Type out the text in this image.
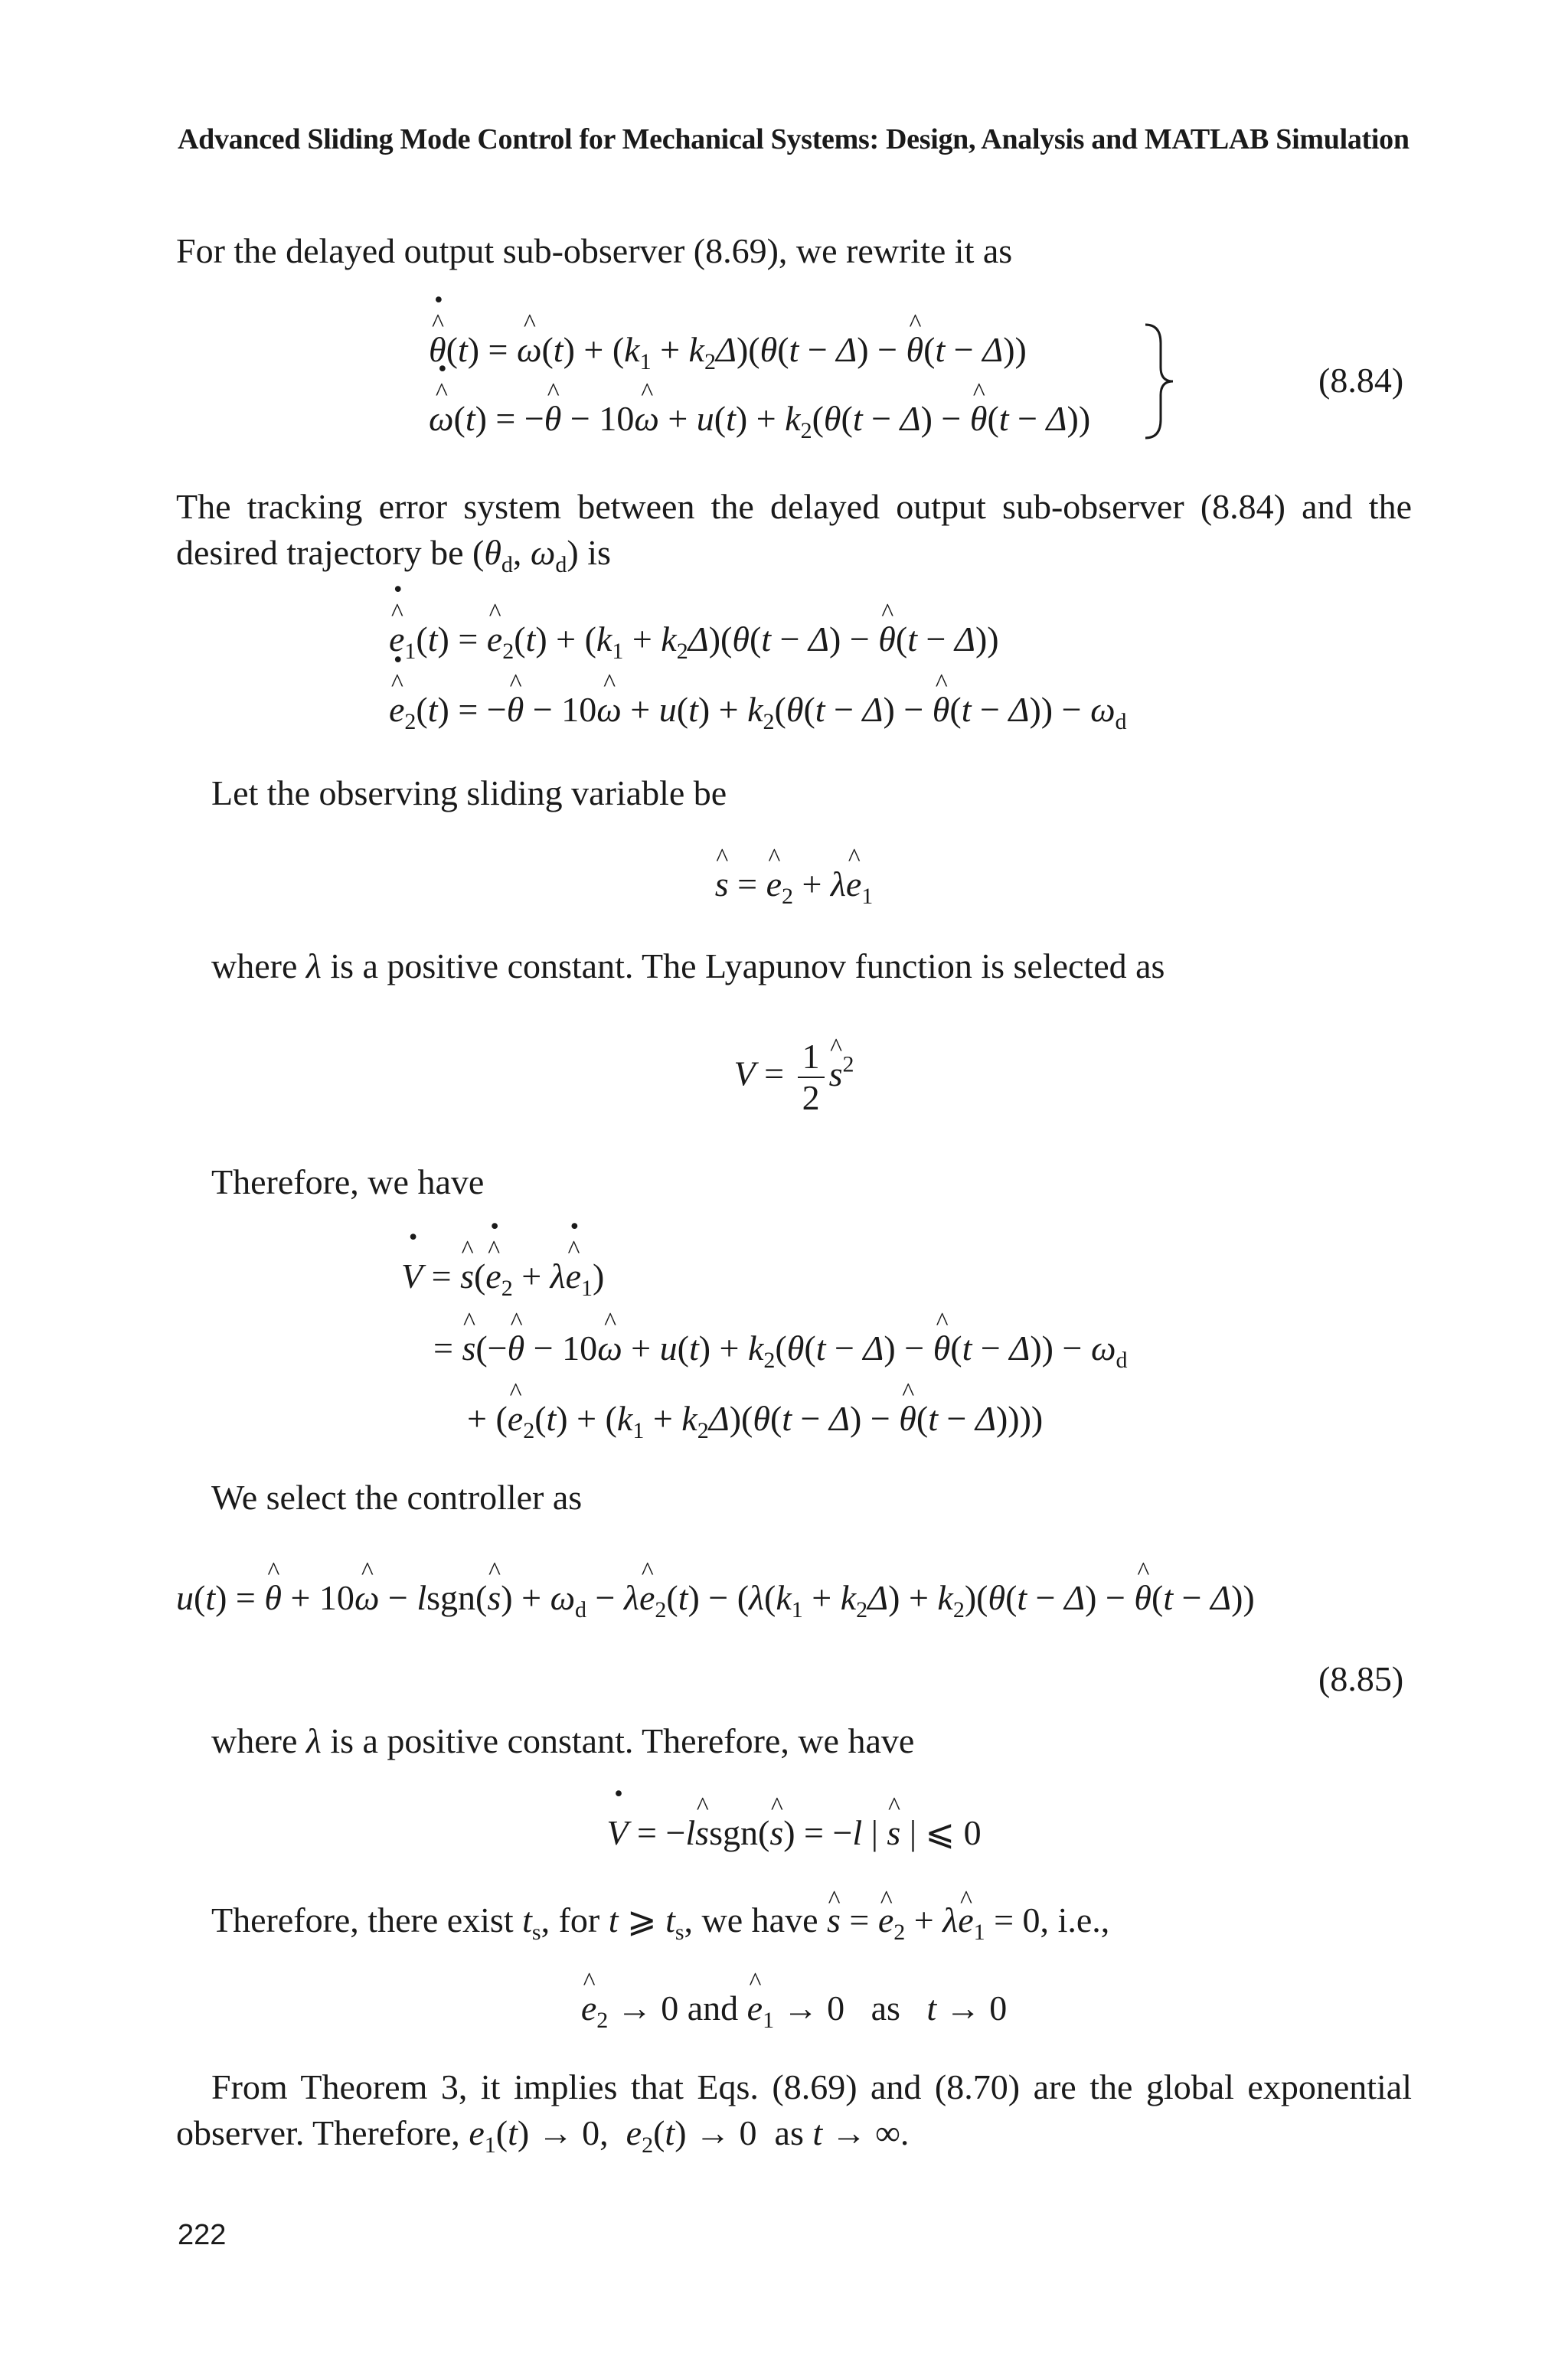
Advanced Sliding Mode Control for Mechanical Systems: Design, Analysis and MATLAB Simulation
For the delayed output sub-observer (8.69), we rewrite it as
^ θ ·(t) = ^ $\omega(t) + (k_1 + k_2\Delta)(\theta(t - \Delta)$ − ^ θ(t − Δ))
^ ω ·(t) = −^ θ − 10^ $\omega + u(t) + k_2(\theta(t - \Delta)$ − ^ θ(t − Δ))
(8.84)
The tracking error system between the delayed output sub-observer (8.84) and the desired trajectory be ($\theta_d$, $\omega_d$) is
^ $e \cdot_1(t)$ = ^ $e_2(t) + (k_1 + k_2\Delta)(\theta(t - \Delta)$ − ^ θ(t − Δ))
^ $e \cdot_2(t)$ = −^ θ − 10^ $\omega + u(t) + k_2(\theta(t - \Delta)$ − ^ $\theta(t - \Delta)) - \omega_d$
Let the observing sliding variable be
^ s = ^ $e_2$ + λ^ $e_1$
where λ is a positive constant. The Lyapunov function is selected as
$V = \frac{1}{2}$ ^ $s^2$
Therefore, we have
V · = ^ s(^ $e \cdot_2$ + λ^ $e \cdot_1$)
= ^ s(−^ θ − 10^ $\omega + u(t) + k_2(\theta(t - \Delta)$ − ^ $\theta(t - \Delta)) - \omega_d$
+ (^ $e_2(t) + (k_1 + k_2\Delta)(\theta(t - \Delta)$ − ^ θ(t − Δ))))
We select the controller as
u(t) = ^ θ + 10^ ω − lsgn(^ $s) + \omega_d$ − λ^ $e_2(t) - (\lambda(k_1 + k_2\Delta) + k_2)(\theta(t - \Delta)$ − ^ θ(t − Δ))
(8.85)
where λ is a positive constant. Therefore, we have
V · = −l^ ssgn(^ s) = −l | ^ s | ⩽ 0
Therefore, there exist $t_s$, for t ⩾ $t_s$, we have ^ s = ^ $e_2$ + λ^ $e_1 = 0$, i.e.,
^ $e_2 \to 0$ and ^ $e_1 \to 0$   as t → 0
From Theorem 3, it implies that Eqs. (8.69) and (8.70) are the global exponential observer. Therefore, $e_1(t) \to 0$,  $e_2(t) \to 0$  as t → ∞.
222
